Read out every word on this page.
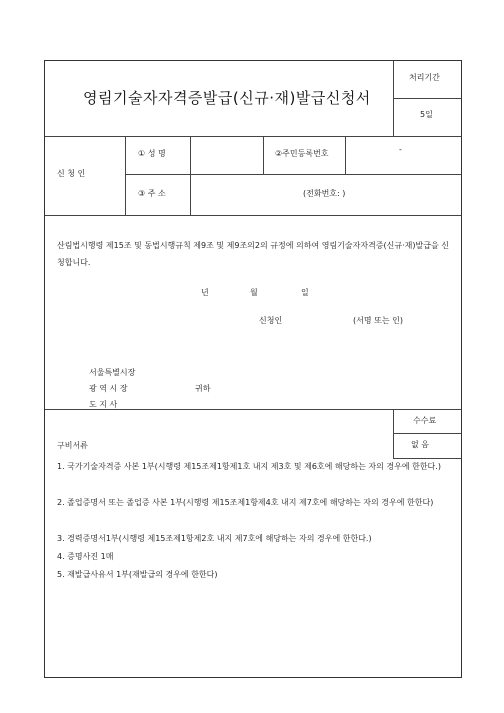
영림기술자자격증발급(신규·재)발급신청서
처리기간
5일
신 청 인
① 성 명	②주민등록번호	-
③ 주 소	(전화번호: )
산림법시행령 제15조 및 동법시행규칙 제9조 및 제9조의2의 규정에 의하여 영림기술자자격증(신규·재)발급을 신청합니다.
년	월	일
신청인	(서명 또는 인)
서울특별시장
광 역 시 장	귀하
도 지 사
수수료
없 음
구비서류
1. 국가기술자격증 사본 1부(시행령 제15조제1항제1호 내지 제3호 및 제6호에 해당하는 자의 경우에 한한다.)
2. 졸업증명서 또는 졸업증 사본 1부(시행령 제15조제1항제4호 내지 제7호에 해당하는 자의 경우에 한한다)
3. 경력증명서1부(시행령 제15조제1항제2호 내지 제7호에 해당하는 자의 경우에 한한다.)
4. 증명사진 1매
5. 재발급사유서 1부(재발급의 경우에 한한다)
